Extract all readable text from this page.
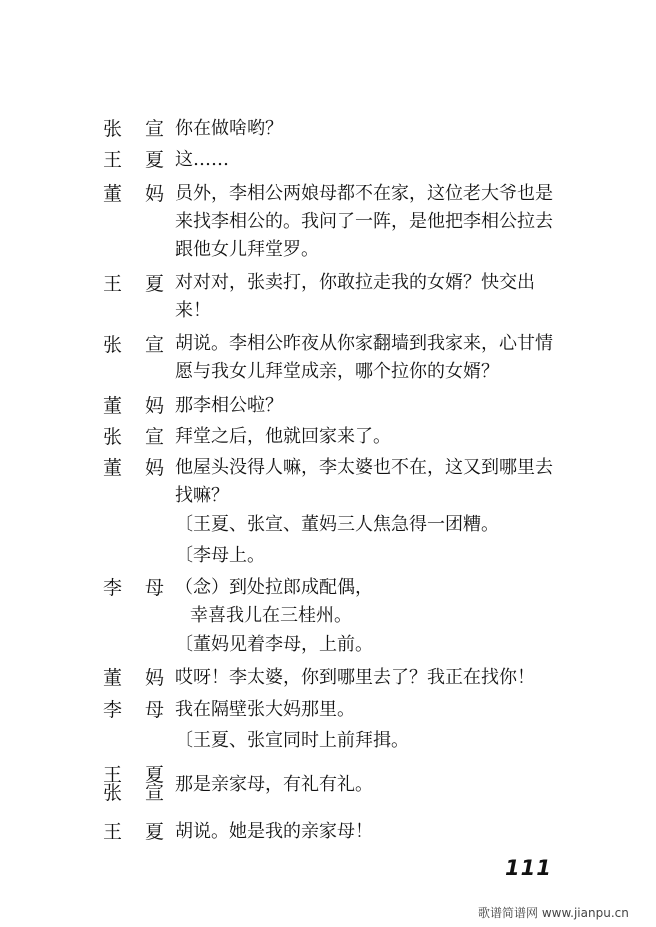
张宣
你在做啥哟？
王夏
这……
董妈
员外，李相公两娘母都不在家，这位老大爷也是
来找李相公的。我问了一阵，是他把李相公拉去
跟他女儿拜堂罗。
王夏
对对对，张卖打，你敢拉走我的女婿？快交出
来！
张宣
胡说。李相公昨夜从你家翻墙到我家来，心甘情
愿与我女儿拜堂成亲，哪个拉你的女婿？
董妈
那李相公啦？
张宣
拜堂之后，他就回家来了。
董妈
他屋头没得人嘛，李太婆也不在，这又到哪里去
找嘛？
〔王夏、张宣、董妈三人焦急得一团糟。
〔李母上。
李母
（念）到处拉郎成配偶，
幸喜我儿在三桂州。
〔董妈见着李母，上前。
董妈
哎呀！李太婆，你到哪里去了？我正在找你！
李母
我在隔壁张大妈那里。
〔王夏、张宣同时上前拜揖。
王夏
张宣
那是亲家母，有礼有礼。
王夏
胡说。她是我的亲家母！
111
歌谱简谱网 www.jianpu.cn
